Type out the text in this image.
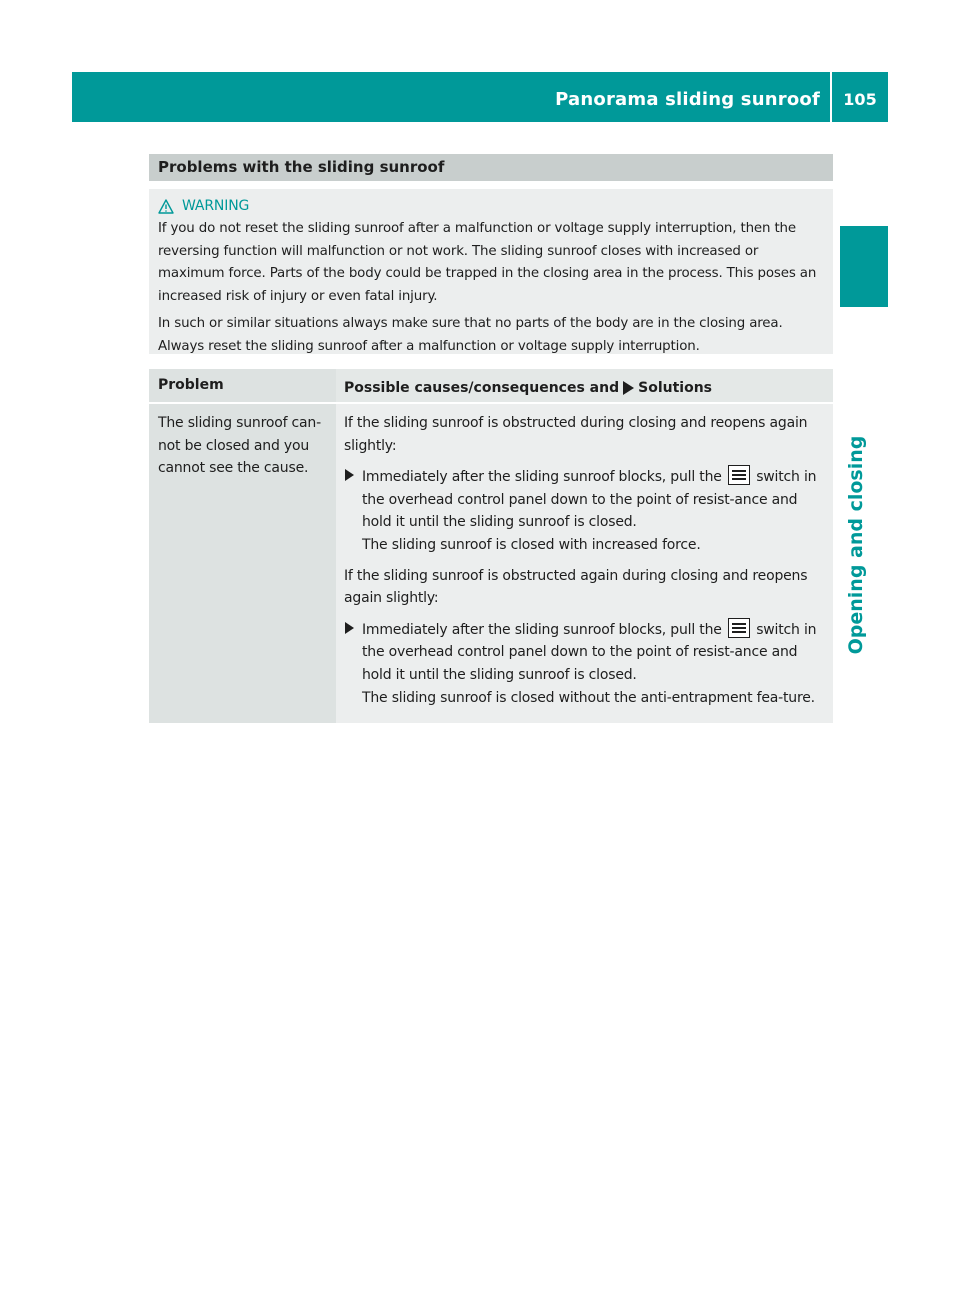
Panorama sliding sunroof	105
Opening and closing
Problems with the sliding sunroof
WARNING

If you do not reset the sliding sunroof after a malfunction or voltage supply interruption, then the reversing function will malfunction or not work. The sliding sunroof closes with increased or maximum force. Parts of the body could be trapped in the closing area in the process. This poses an increased risk of injury or even fatal injury.

In such or similar situations always make sure that no parts of the body are in the closing area. Always reset the sliding sunroof after a malfunction or voltage supply interruption.

Problem	Possible causes/consequences and Solutions
The sliding sunroof can-not be closed and you cannot see the cause.

If the sliding sunroof is obstructed during closing and reopens again slightly:

Immediately after the sliding sunroof blocks, pull the switch in the overhead control panel down to the point of resist-ance and hold it until the sliding sunroof is closed.
The sliding sunroof is closed with increased force.

If the sliding sunroof is obstructed again during closing and reopens again slightly:

Immediately after the sliding sunroof blocks, pull the switch in the overhead control panel down to the point of resist-ance and hold it until the sliding sunroof is closed.
The sliding sunroof is closed without the anti-entrapment fea-ture.
